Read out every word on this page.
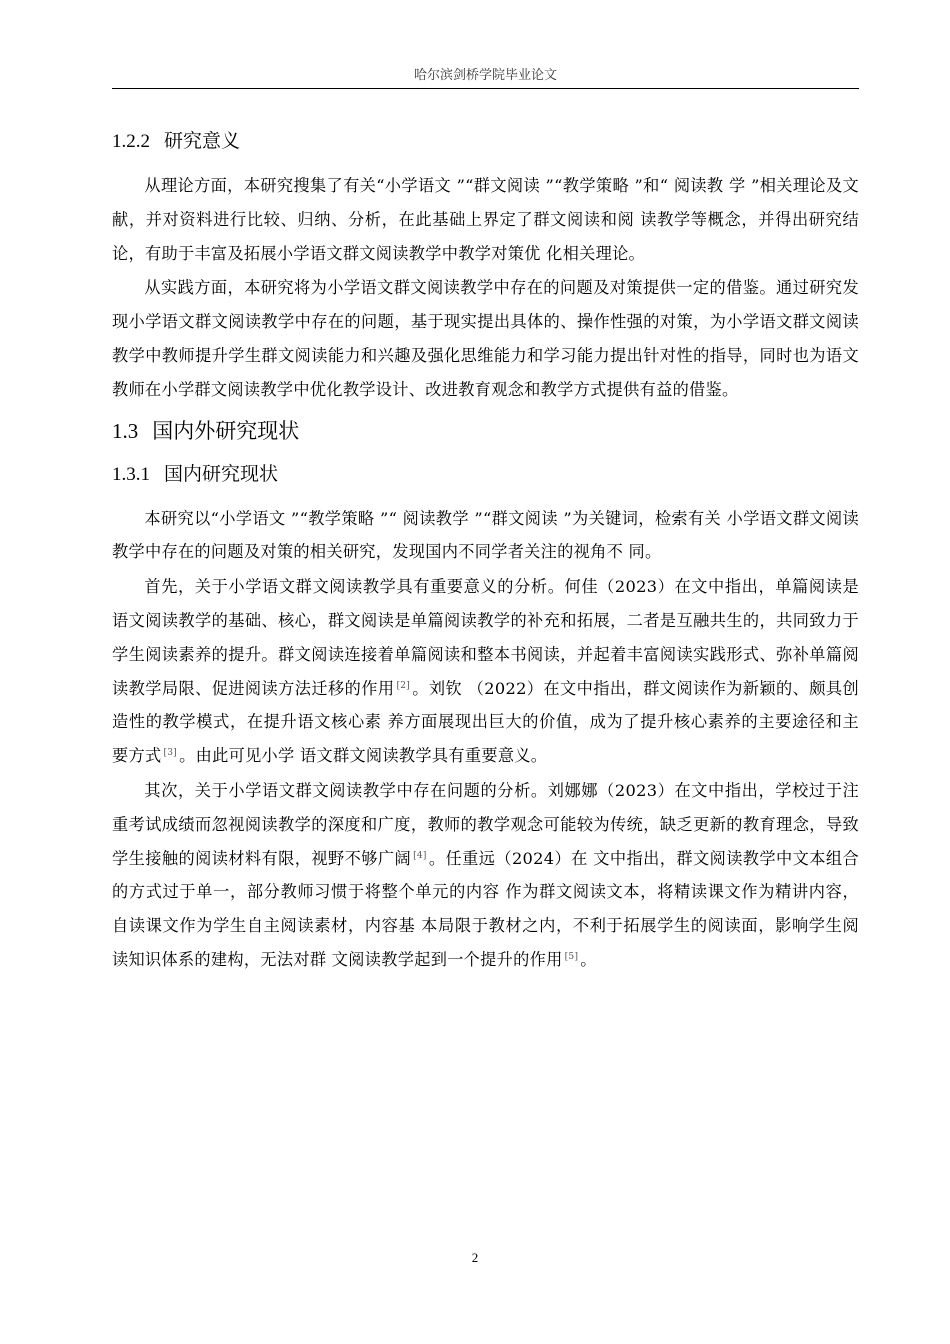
哈尔滨剑桥学院毕业论文
1.2.2 研究意义

从理论方面，本研究搜集了有关“小学语文 ”“群文阅读 ”“教学策略 ”和“ 阅读教 学 ”相关理论及文献，并对资料进行比较、归纳、分析，在此基础上界定了群文阅读和阅 读教学等概念，并得出研究结论，有助于丰富及拓展小学语文群文阅读教学中教学对策优 化相关理论。

从实践方面，本研究将为小学语文群文阅读教学中存在的问题及对策提供一定的借鉴。通过研究发现小学语文群文阅读教学中存在的问题，基于现实提出具体的、操作性强的对策，为小学语文群文阅读教学中教师提升学生群文阅读能力和兴趣及强化思维能力和学习能力提出针对性的指导，同时也为语文教师在小学群文阅读教学中优化教学设计、改进教育观念和教学方式提供有益的借鉴。

1.3 国内外研究现状
1.3.1 国内研究现状

本研究以“小学语文 ”“教学策略 ”“ 阅读教学 ”“群文阅读 ”为关键词，检索有关 小学语文群文阅读教学中存在的问题及对策的相关研究，发现国内不同学者关注的视角不 同。

首先，关于小学语文群文阅读教学具有重要意义的分析。何佳（2023）在文中指出，单篇阅读是语文阅读教学的基础、核心，群文阅读是单篇阅读教学的补充和拓展，二者是互融共生的，共同致力于学生阅读素养的提升。群文阅读连接着单篇阅读和整本书阅读，并起着丰富阅读实践形式、弥补单篇阅读教学局限、促进阅读方法迁移的作用 [2] 。刘钦 （2022）在文中指出，群文阅读作为新颖的、颇具创造性的教学模式，在提升语文核心素 养方面展现出巨大的价值，成为了提升核心素养的主要途径和主要方式 [3] 。由此可见小学 语文群文阅读教学具有重要意义。

其次，关于小学语文群文阅读教学中存在问题的分析。刘娜娜（2023）在文中指出，学校过于注重考试成绩而忽视阅读教学的深度和广度，教师的教学观念可能较为传统，缺乏更新的教育理念，导致学生接触的阅读材料有限，视野不够广阔 [4] 。任重远（2024）在 文中指出，群文阅读教学中文本组合的方式过于单一，部分教师习惯于将整个单元的内容 作为群文阅读文本，将精读课文作为精讲内容，自读课文作为学生自主阅读素材，内容基 本局限于教材之内，不利于拓展学生的阅读面，影响学生阅读知识体系的建构，无法对群 文阅读教学起到一个提升的作用 [5] 。

2
